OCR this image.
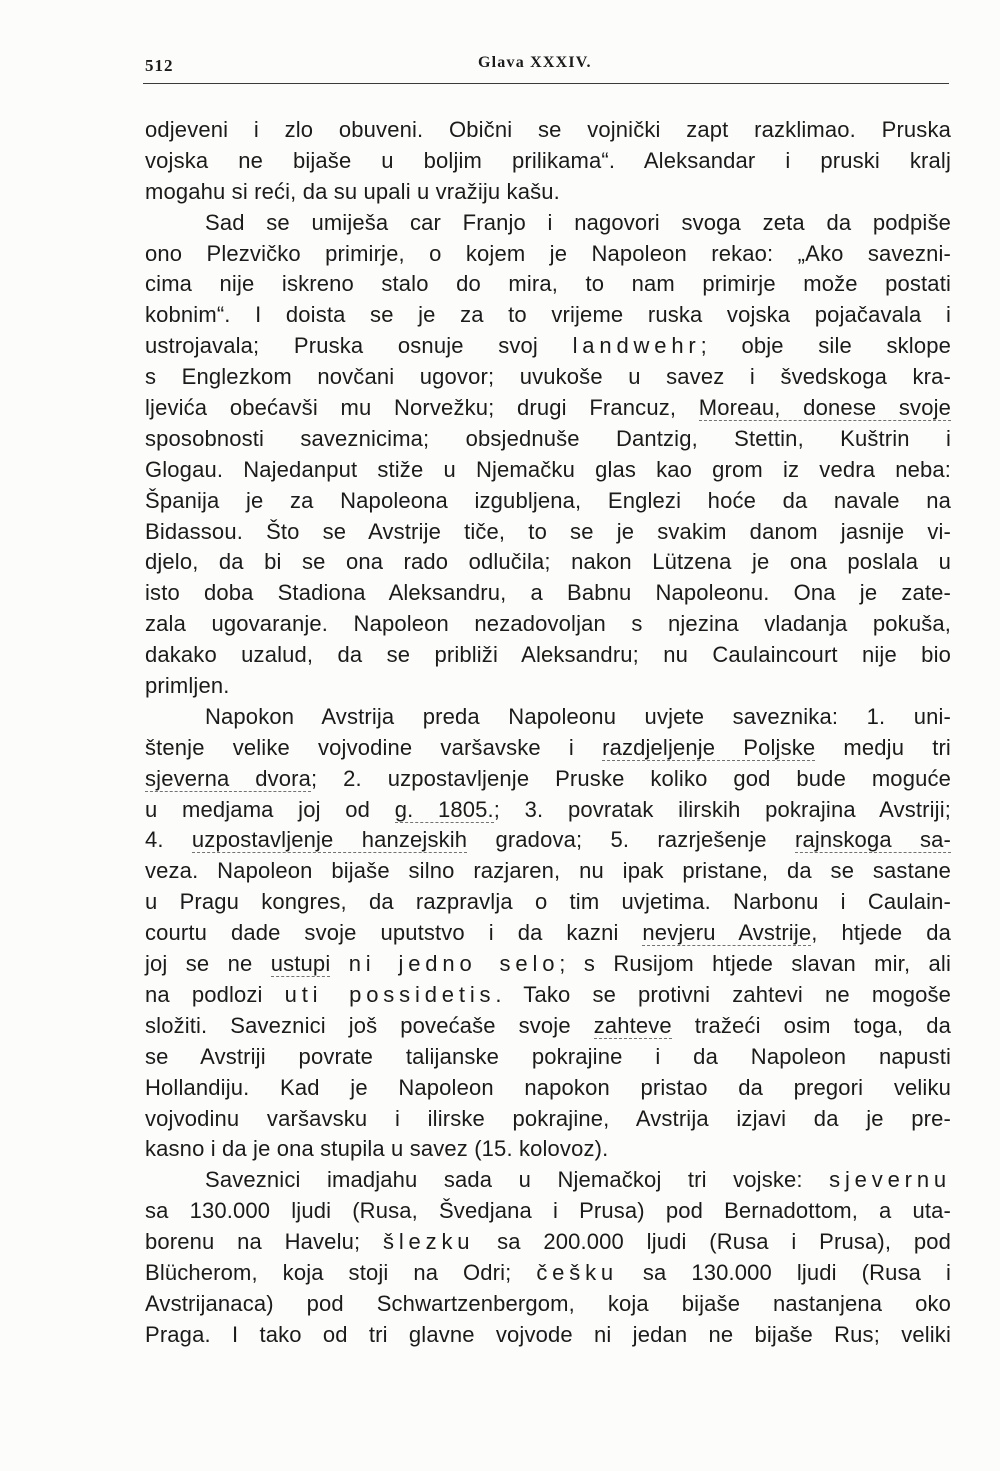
512	Glava XXXIV.
odjeveni i zlo obuveni. Obični se vojnički zapt razklimao. Pruska
vojska ne bijaše u boljim prilikama“. Aleksandar i pruski kralj
mogahu si reći, da su upali u vražiju kašu.
Sad se umiješa car Franjo i nagovori svoga zeta da podpiše
ono Plezvičko primirje, o kojem je Napoleon rekao: „Ako savezni-
cima nije iskreno stalo do mira, to nam primirje može postati
kobnim“. I doista se je za to vrijeme ruska vojska pojačavala i
ustrojavala; Pruska osnuje svoj landwehr; obje sile sklope
s Englezkom novčani ugovor; uvukoše u savez i švedskoga kra-
ljevića obećavši mu Norvežku; drugi Francuz, Moreau, donese svoje
sposobnosti saveznicima; obsjednuše Dantzig, Stettin, Kuštrin i
Glogau. Najedanput stiže u Njemačku glas kao grom iz vedra neba:
Španija je za Napoleona izgubljena, Englezi hoće da navale na
Bidassou. Što se Avstrije tiče, to se je svakim danom jasnije vi-
djelo, da bi se ona rado odlučila; nakon Lützena je ona poslala u
isto doba Stadiona Aleksandru, a Babnu Napoleonu. Ona je zate-
zala ugovaranje. Napoleon nezadovoljan s njezina vladanja pokuša,
dakako uzalud, da se približi Aleksandru; nu Caulaincourt nije bio
primljen.
Napokon Avstrija preda Napoleonu uvjete saveznika: 1. uni-
štenje velike vojvodine varšavske i razdjeljenje Poljske medju tri
sjeverna dvora; 2. uzpostavljenje Pruske koliko god bude moguće
u medjama joj od g. 1805.; 3. povratak ilirskih pokrajina Avstriji;
4. uzpostavljenje hanzejskih gradova; 5. razrješenje rajnskoga sa-
veza. Napoleon bijaše silno razjaren, nu ipak pristane, da se sastane
u Pragu kongres, da razpravlja o tim uvjetima. Narbonu i Caulain-
courtu dade svoje uputstvo i da kazni nevjeru Avstrije, htjede da
joj se ne ustupi ni jedno selo; s Rusijom htjede slavan mir, ali
na podlozi uti possidetis. Tako se protivni zahtevi ne mogoše
složiti. Saveznici još povećaše svoje zahteve tražeći osim toga, da
se Avstriji povrate talijanske pokrajine i da Napoleon napusti
Hollandiju. Kad je Napoleon napokon pristao da pregori veliku
vojvodinu varšavsku i ilirske pokrajine, Avstrija izjavi da je pre-
kasno i da je ona stupila u savez (15. kolovoz).
Saveznici imadjahu sada u Njemačkoj tri vojske: sjevernu
sa 130.000 ljudi (Rusa, Švedjana i Prusa) pod Bernadottom, a uta-
borenu na Havelu; šlezku sa 200.000 ljudi (Rusa i Prusa), pod
Blücherom, koja stoji na Odri; češku sa 130.000 ljudi (Rusa i
Avstrijanaca) pod Schwartzenbergom, koja bijaše nastanjena oko
Praga. I tako od tri glavne vojvode ni jedan ne bijaše Rus; veliki
